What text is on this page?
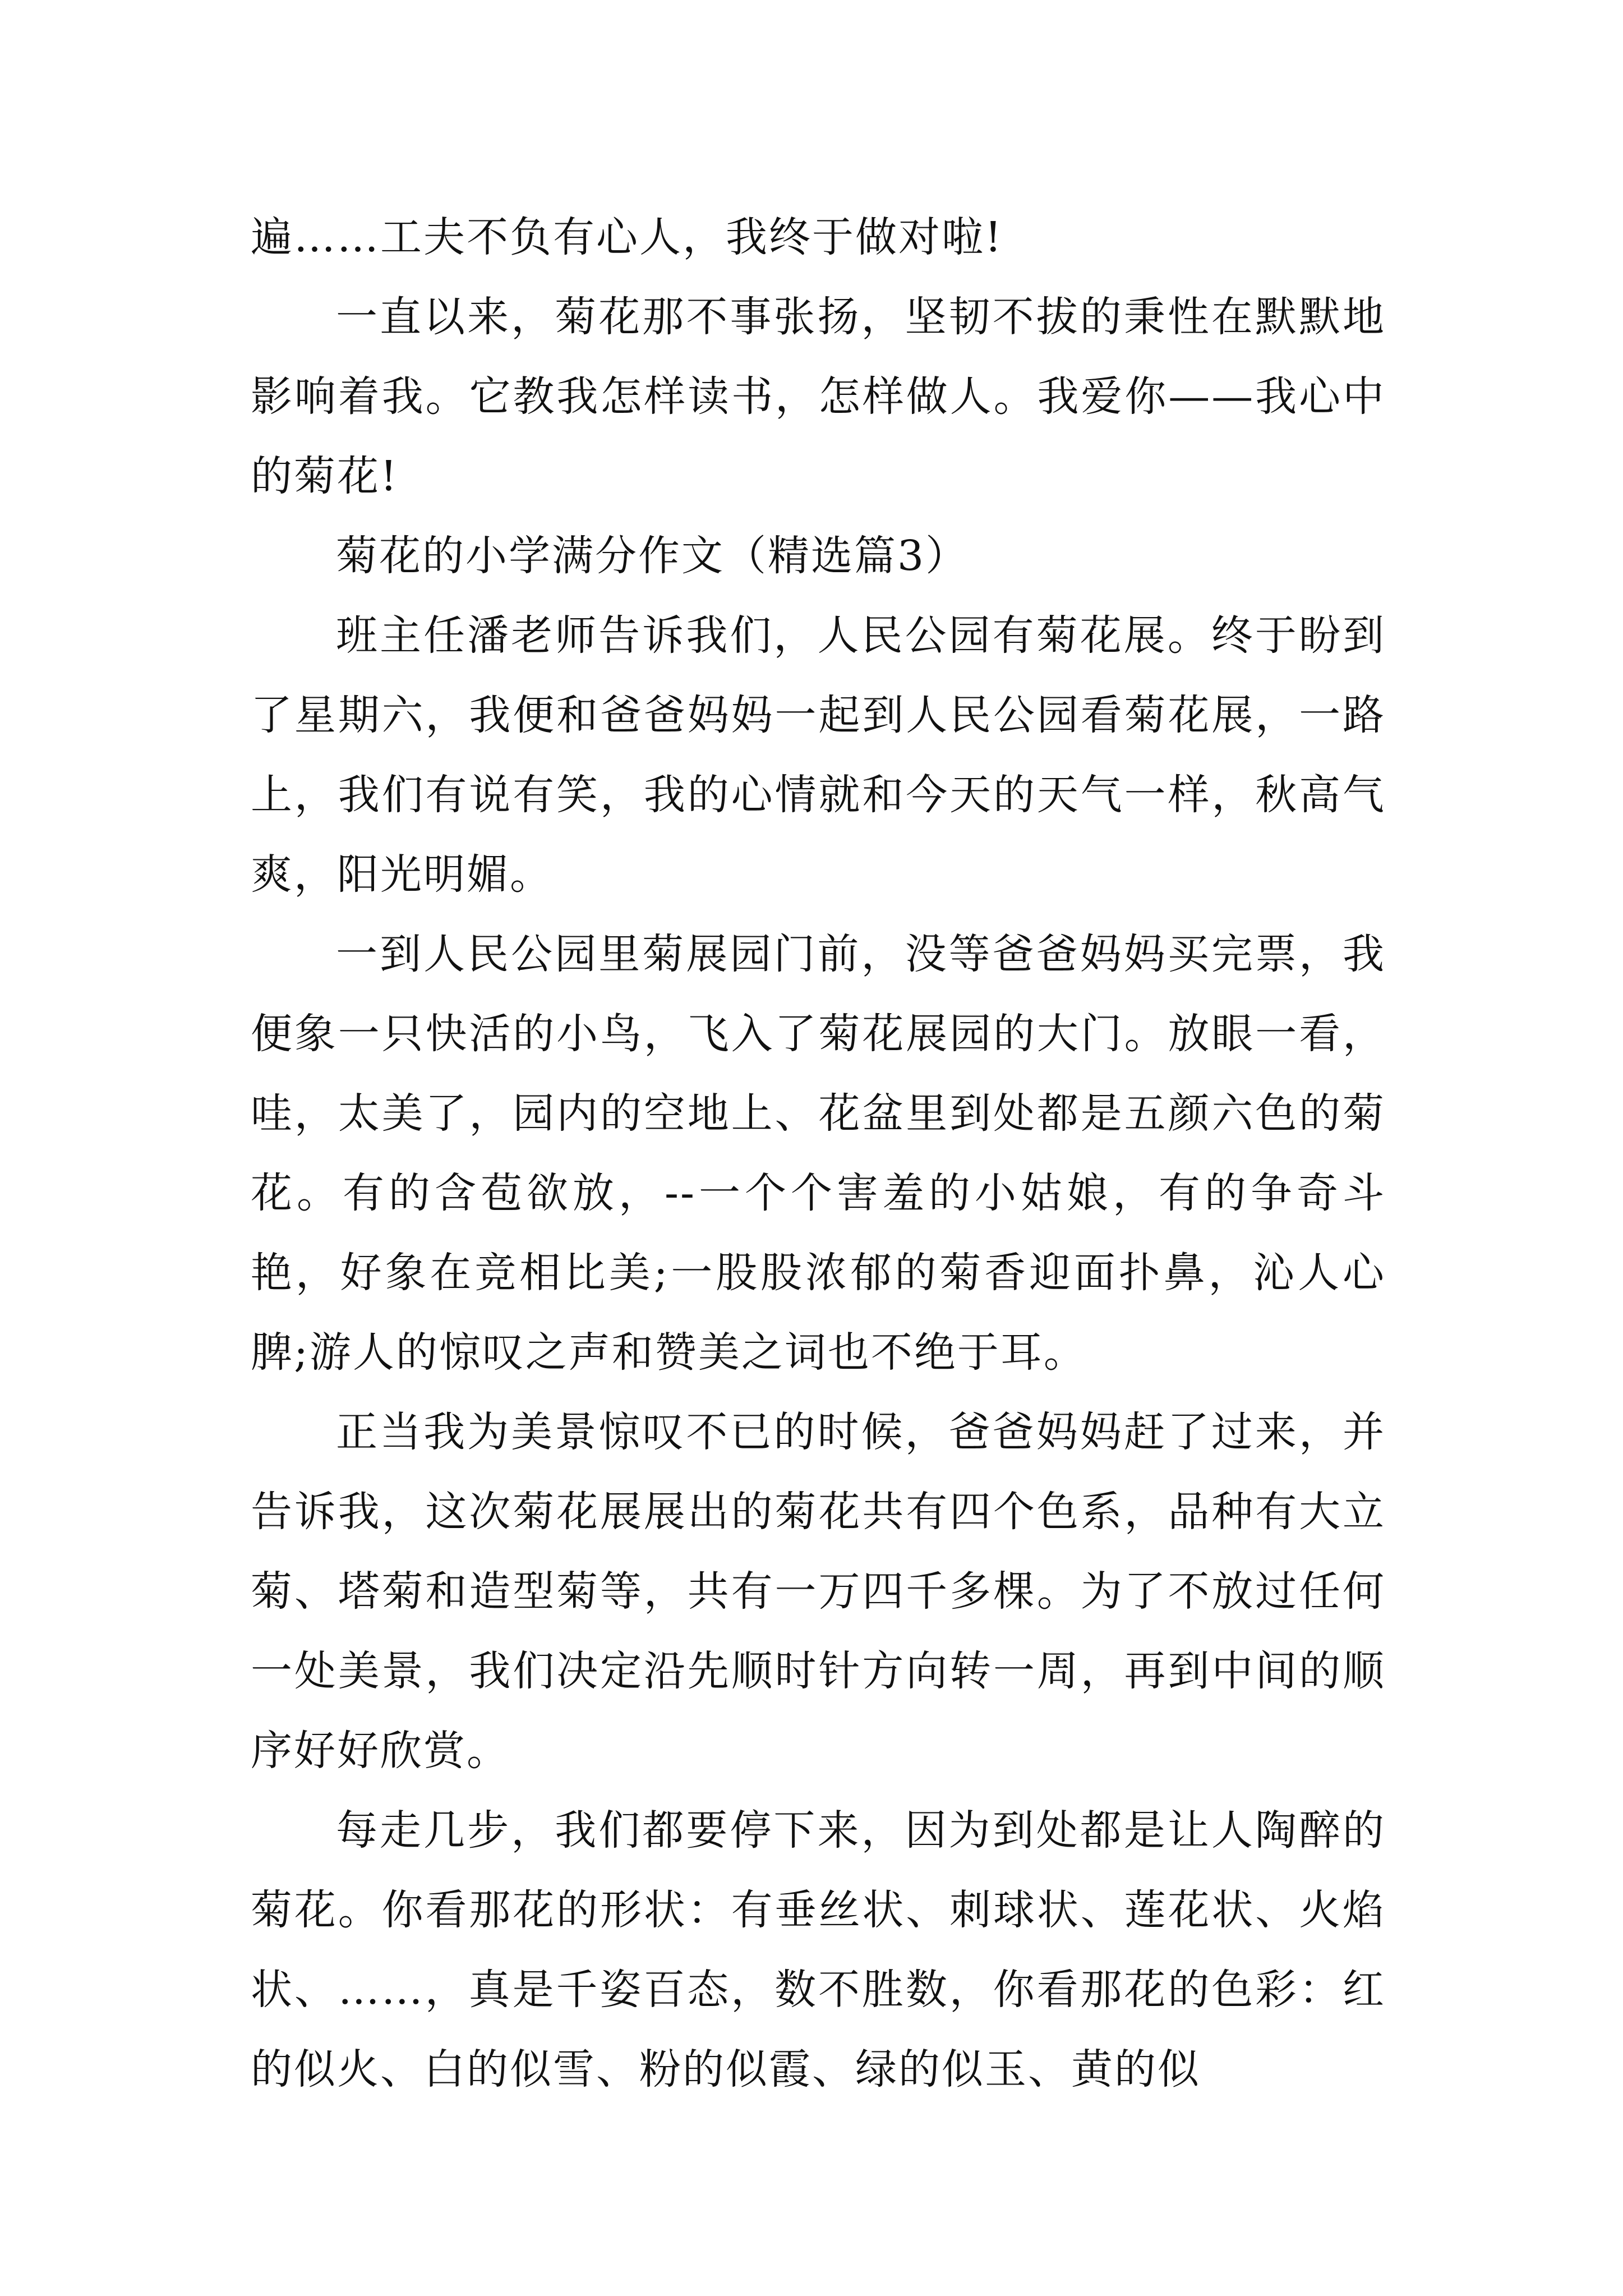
遍……工夫不负有心人，我终于做对啦!

一直以来，菊花那不事张扬，坚韧不拔的秉性在默默地影响着我。它教我怎样读书，怎样做人。我爱你——我心中的菊花!

菊花的小学满分作文（精选篇3）

班主任潘老师告诉我们，人民公园有菊花展。终于盼到了星期六，我便和爸爸妈妈一起到人民公园看菊花展，一路上，我们有说有笑，我的心情就和今天的天气一样，秋高气爽，阳光明媚。

一到人民公园里菊展园门前，没等爸爸妈妈买完票，我便象一只快活的小鸟，飞入了菊花展园的大门。放眼一看，哇，太美了，园内的空地上、花盆里到处都是五颜六色的菊花。有的含苞欲放，--一个个害羞的小姑娘，有的争奇斗艳，好象在竞相比美;一股股浓郁的菊香迎面扑鼻，沁人心脾;游人的惊叹之声和赞美之词也不绝于耳。

正当我为美景惊叹不已的时候，爸爸妈妈赶了过来，并告诉我，这次菊花展展出的菊花共有四个色系，品种有大立菊、塔菊和造型菊等，共有一万四千多棵。为了不放过任何一处美景，我们决定沿先顺时针方向转一周，再到中间的顺序好好欣赏。

每走几步，我们都要停下来，因为到处都是让人陶醉的菊花。你看那花的形状：有垂丝状、刺球状、莲花状、火焰状、……，真是千姿百态，数不胜数，你看那花的色彩：红的似火、白的似雪、粉的似霞、绿的似玉、黄的似
